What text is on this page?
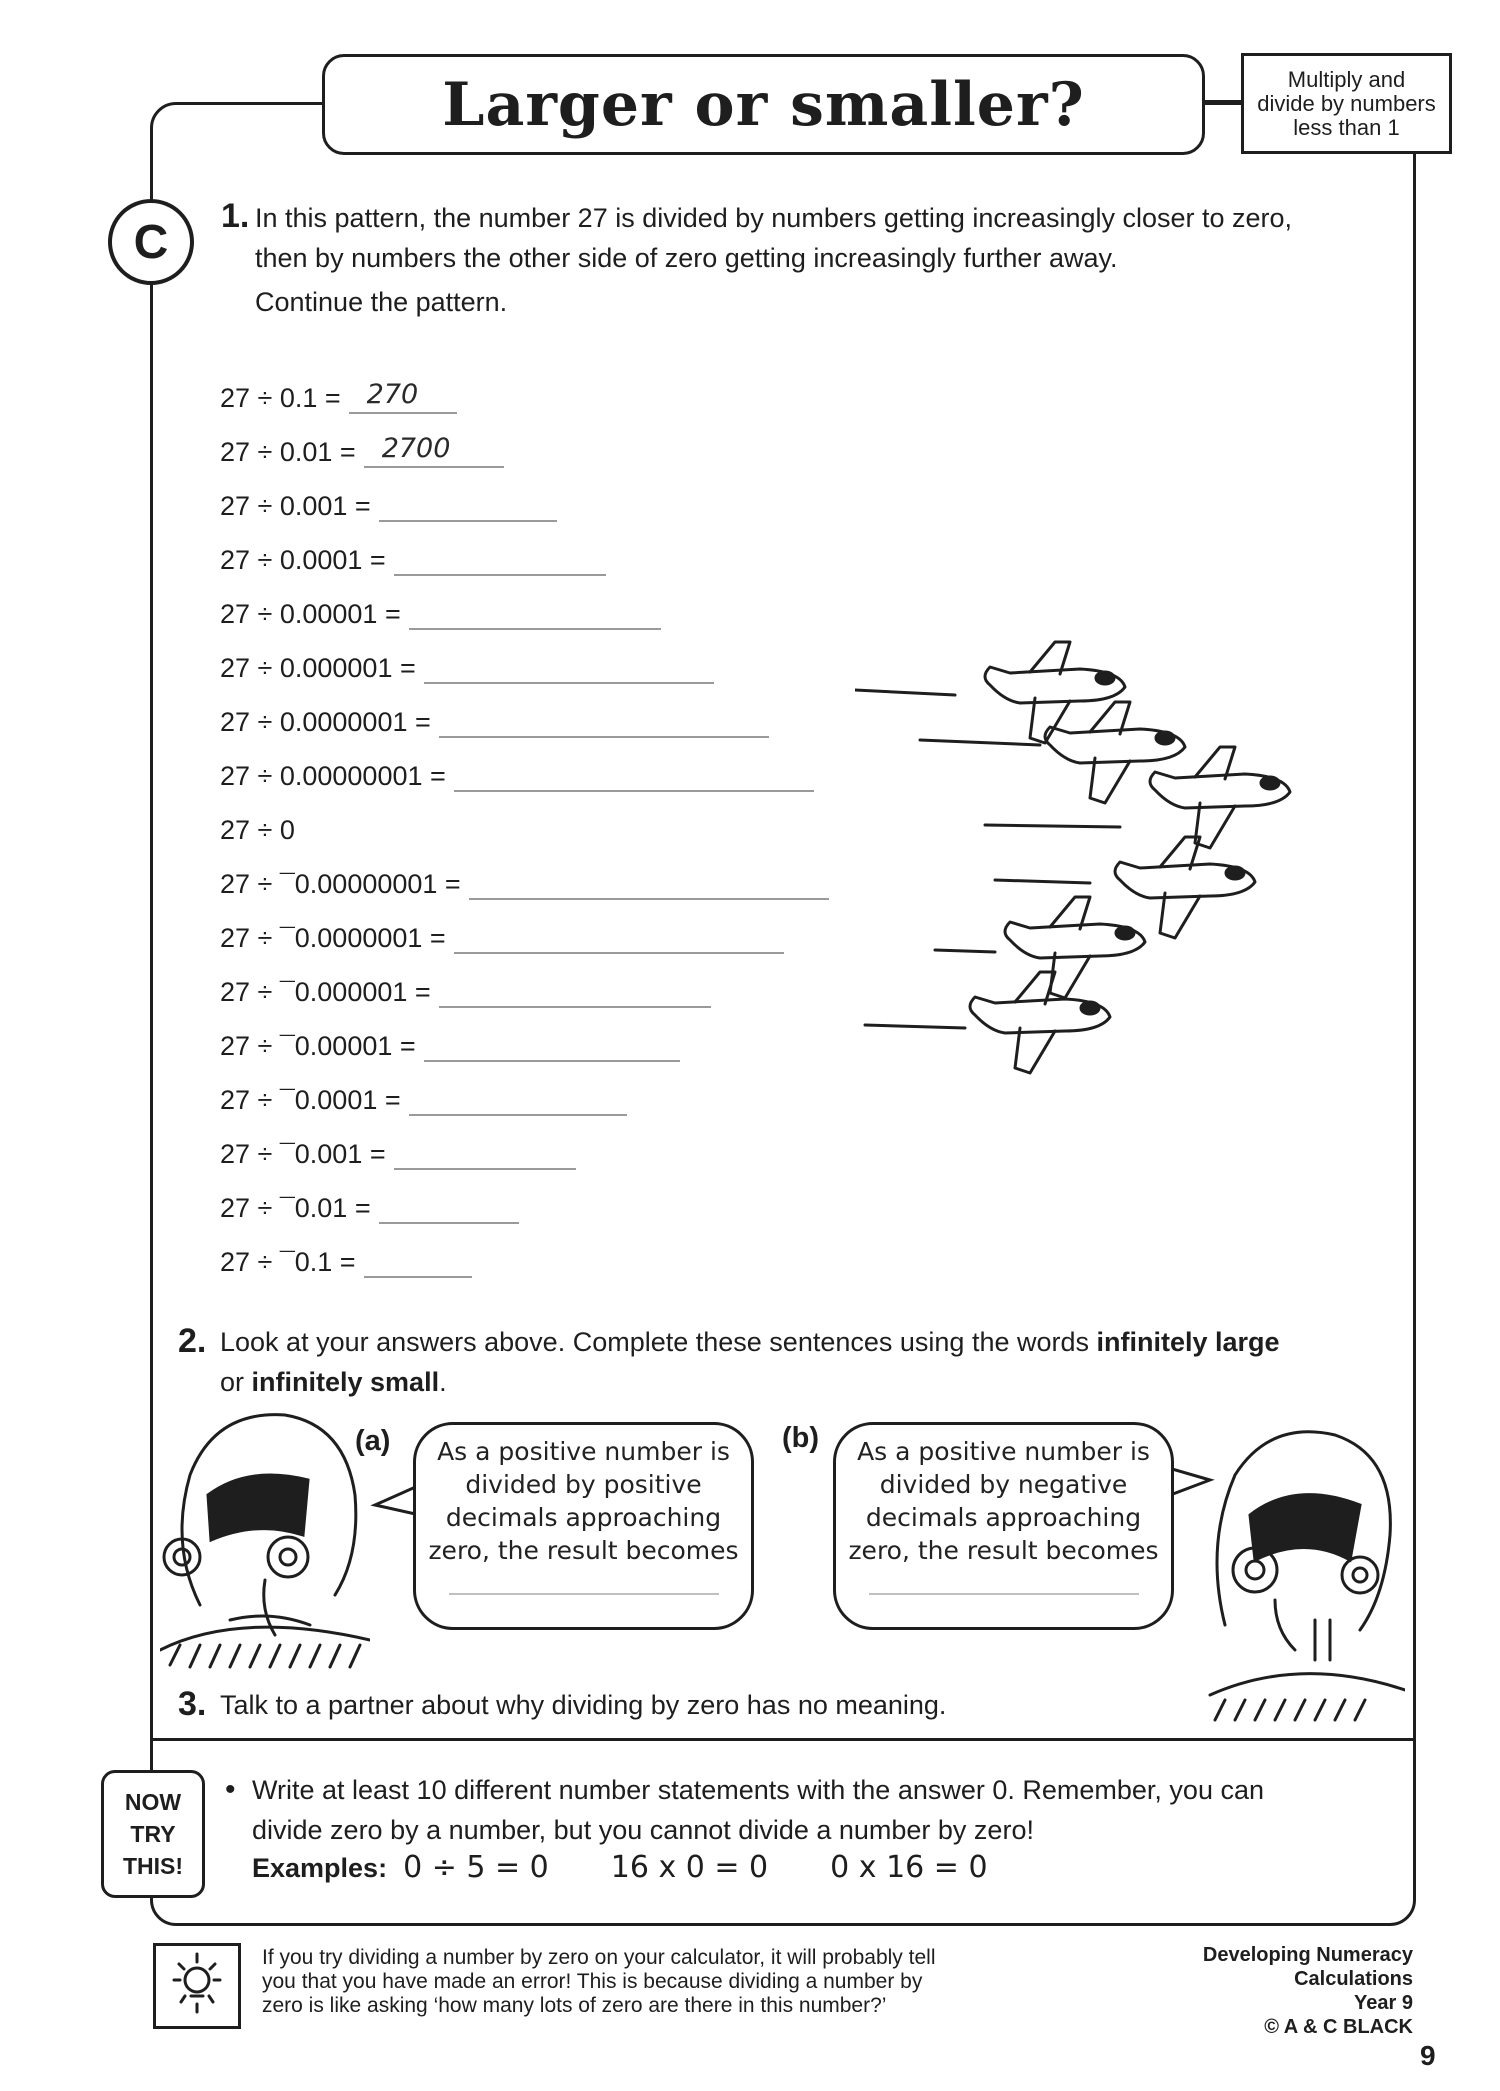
Larger or smaller?	Multiply and
divide by numbers
less than 1
C 1. In this pattern, the number 27 is divided by numbers getting increasingly closer to zero,
then by numbers the other side of zero getting increasingly further away.
Continue the pattern.
27 ÷ 0.1 = 270
27 ÷ 0.01 = 2700
27 ÷ 0.001 =
27 ÷ 0.0001 =
27 ÷ 0.00001 =
27 ÷ 0.000001 =
27 ÷ 0.0000001 =
27 ÷ 0.00000001 =
27 ÷ 0
27 ÷ ¯0.00000001 =
27 ÷ ¯0.0000001 =
27 ÷ ¯0.000001 =
27 ÷ ¯0.00001 =
27 ÷ ¯0.0001 =
27 ÷ ¯0.001 =
27 ÷ ¯0.01 =
27 ÷ ¯0.1 =
2. Look at your answers above. Complete these sentences using the words infinitely large
or infinitely small.
(a)	As a positive number is
divided by positive
decimals approaching
zero, the result becomes
(b)	As a positive number is
divided by negative
decimals approaching
zero, the result becomes
3. Talk to a partner about why dividing by zero has no meaning.
NOW
TRY
THIS!
• Write at least 10 different number statements with the answer 0. Remember, you can
divide zero by a number, but you cannot divide a number by zero!
Examples: 0 ÷ 5 = 0 16 x 0 = 0 0 x 16 = 0
If you try dividing a number by zero on your calculator, it will probably tell
you that you have made an error! This is because dividing a number by
zero is like asking ‘how many lots of zero are there in this number?’
Developing Numeracy
Calculations
Year 9
© A & C BLACK
9
